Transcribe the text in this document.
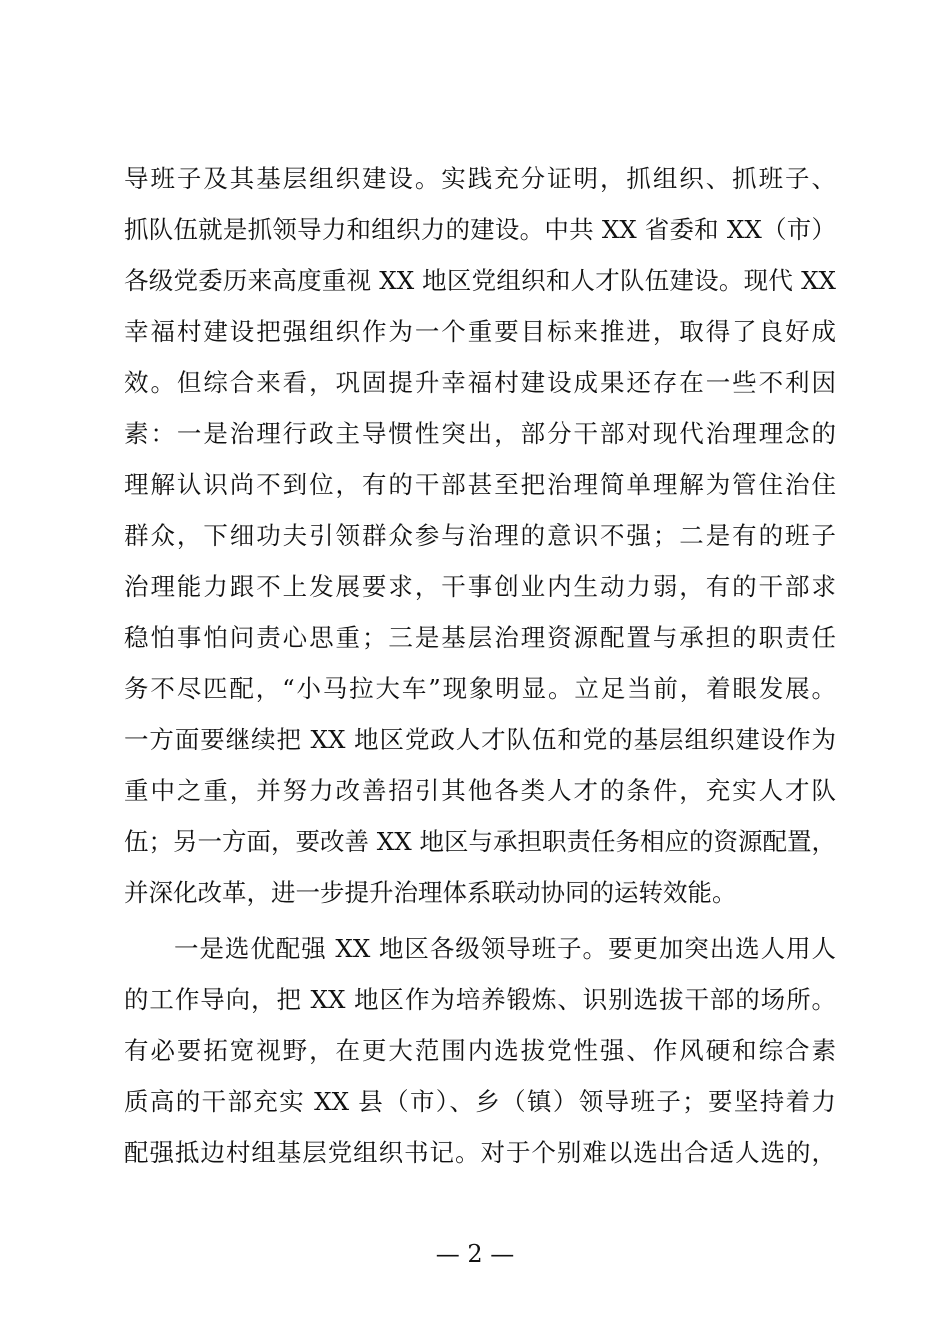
导班子及其基层组织建设。实践充分证明，抓组织、抓班子、
抓队伍就是抓领导力和组织力的建设。中共 XX 省委和 XX（市）
各级党委历来高度重视 XX 地区党组织和人才队伍建设。现代 XX
幸福村建设把强组织作为一个重要目标来推进，取得了良好成
效。但综合来看，巩固提升幸福村建设成果还存在一些不利因
素：一是治理行政主导惯性突出，部分干部对现代治理理念的
理解认识尚不到位，有的干部甚至把治理简单理解为管住治住
群众，下细功夫引领群众参与治理的意识不强；二是有的班子
治理能力跟不上发展要求，干事创业内生动力弱，有的干部求
稳怕事怕问责心思重；三是基层治理资源配置与承担的职责任
务不尽匹配，“小马拉大车”现象明显。立足当前，着眼发展。
一方面要继续把 XX 地区党政人才队伍和党的基层组织建设作为
重中之重，并努力改善招引其他各类人才的条件，充实人才队
伍；另一方面，要改善 XX 地区与承担职责任务相应的资源配置，
并深化改革，进一步提升治理体系联动协同的运转效能。
一是选优配强 XX 地区各级领导班子。要更加突出选人用人
的工作导向，把 XX 地区作为培养锻炼、识别选拔干部的场所。
有必要拓宽视野，在更大范围内选拔党性强、作风硬和综合素
质高的干部充实 XX 县（市）、乡（镇）领导班子；要坚持着力
配强抵边村组基层党组织书记。对于个别难以选出合适人选的，
— 2 —
